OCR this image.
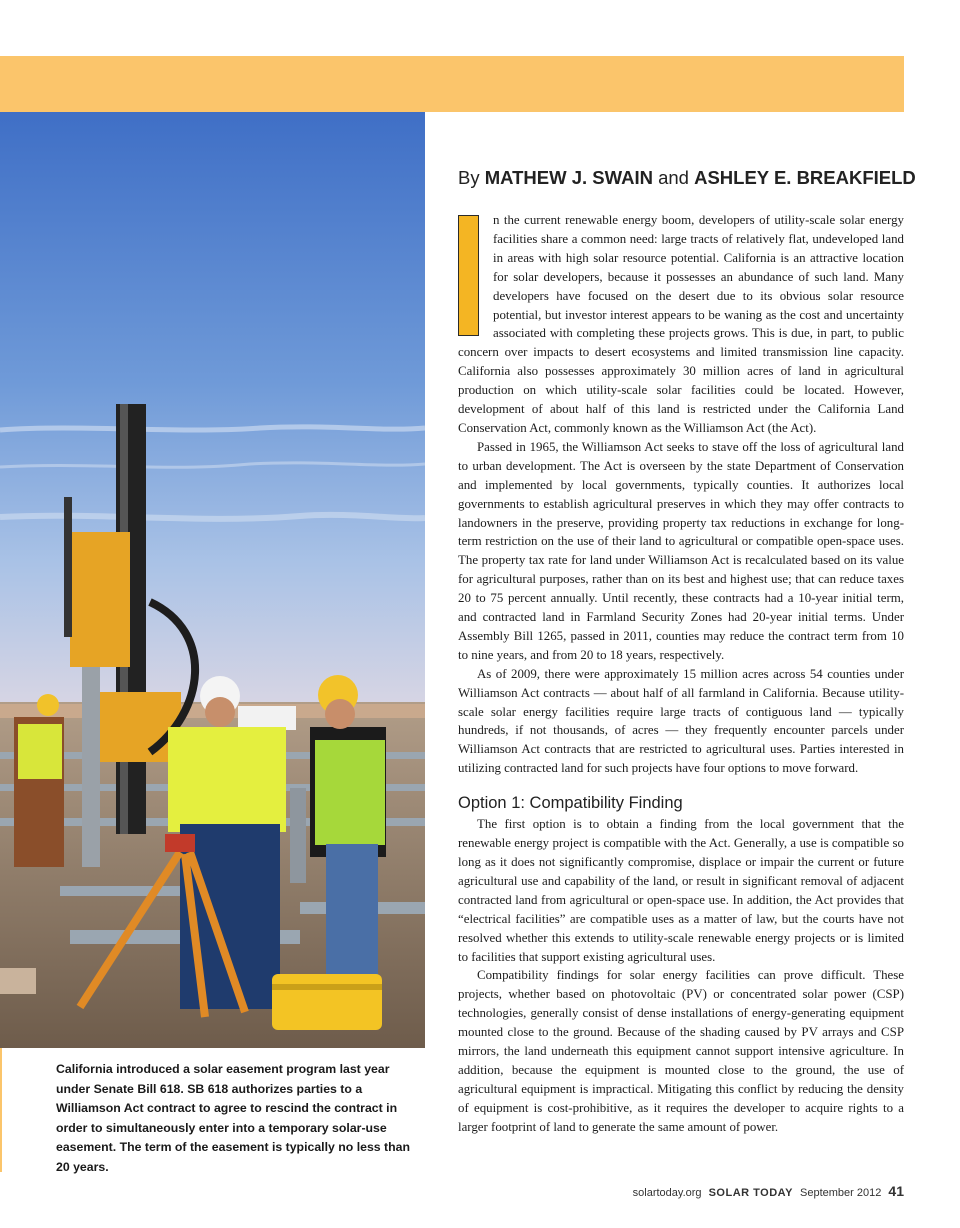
California introduced a solar easement program last year under Senate Bill 618. SB 618 authorizes parties to a Williamson Act contract to agree to rescind the contract in order to simultaneously enter into a temporary solar-use easement. The term of the easement is typically no less than 20 years.
By MATHEW J. SWAIN and ASHLEY E. BREAKFIELD

n the current renewable energy boom, developers of utility-scale solar energy facilities share a common need: large tracts of relatively flat, undeveloped land in areas with high solar resource potential. California is an attractive location for solar developers, because it possesses an abundance of such land. Many developers have focused on the desert due to its obvious solar resource potential, but investor interest appears to be waning as the cost and uncertainty associated with completing these projects grows. This is due, in part, to public concern over impacts to desert ecosystems and limited transmission line capacity. California also possesses approximately 30 million acres of land in agricultural production on which utility-scale solar facilities could be located. However, development of about half of this land is restricted under the California Land Conservation Act, commonly known as the Williamson Act (the Act).

Passed in 1965, the Williamson Act seeks to stave off the loss of agricultural land to urban development. The Act is overseen by the state Department of Conservation and implemented by local governments, typically counties. It authorizes local governments to establish agricultural preserves in which they may offer contracts to landowners in the preserve, providing property tax reductions in exchange for long-term restriction on the use of their land to agricultural or compatible open-space uses. The property tax rate for land under Williamson Act is recalculated based on its value for agricultural purposes, rather than on its best and highest use; that can reduce taxes 20 to 75 percent annually. Until recently, these contracts had a 10-year initial term, and contracted land in Farmland Security Zones had 20-year initial terms. Under Assembly Bill 1265, passed in 2011, counties may reduce the contract term from 10 to nine years, and from 20 to 18 years, respectively.

As of 2009, there were approximately 15 million acres across 54 counties under Williamson Act contracts — about half of all farmland in California. Because utility-scale solar energy facilities require large tracts of contiguous land — typically hundreds, if not thousands, of acres — they frequently encounter parcels under Williamson Act contracts that are restricted to agricultural uses. Parties interested in utilizing contracted land for such projects have four options to move forward.

Option 1: Compatibility Finding

The first option is to obtain a finding from the local government that the renewable energy project is compatible with the Act. Generally, a use is compatible so long as it does not significantly compromise, displace or impair the current or future agricultural use and capability of the land, or result in significant removal of adjacent contracted land from agricultural or open-space use. In addition, the Act provides that “electrical facilities” are compatible uses as a matter of law, but the courts have not resolved whether this extends to utility-scale renewable energy projects or is limited to facilities that support existing agricultural uses.

Compatibility findings for solar energy facilities can prove difficult. These projects, whether based on photovoltaic (PV) or concentrated solar power (CSP) technologies, generally consist of dense installations of energy-generating equipment mounted close to the ground. Because of the shading caused by PV arrays and CSP mirrors, the land underneath this equipment cannot support intensive agriculture. In addition, because the equipment is mounted close to the ground, the use of agricultural equipment is impractical. Mitigating this conflict by reducing the density of equipment is cost-prohibitive, as it requires the developer to acquire rights to a larger footprint of land to generate the same amount of power.

solartoday.org SOLAR TODAY September 2012 41
